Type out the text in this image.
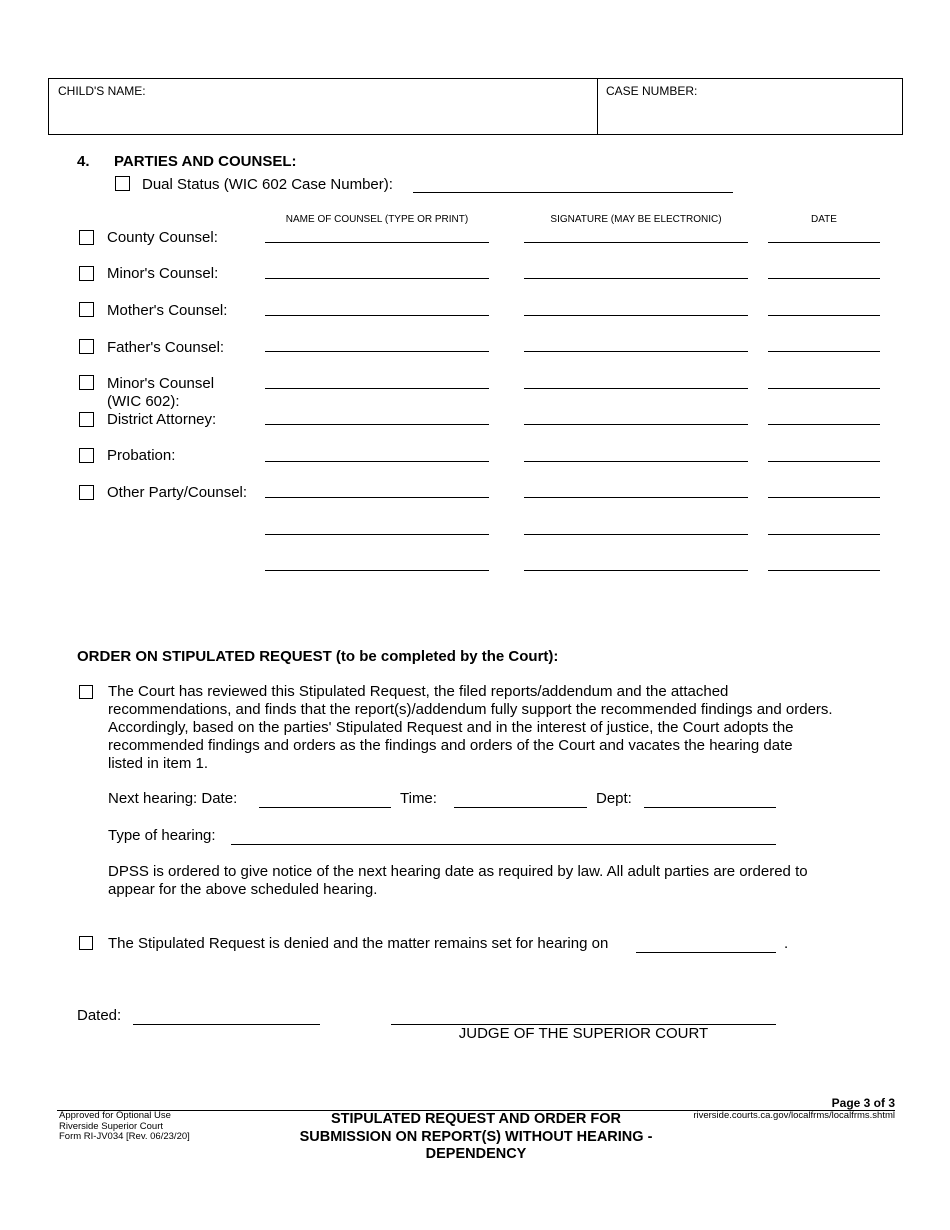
CHILD'S NAME:	CASE NUMBER:
4. PARTIES AND COUNSEL:
Dual Status (WIC 602 Case Number):
NAME OF COUNSEL (TYPE OR PRINT)	SIGNATURE (MAY BE ELECTRONIC)	DATE
County Counsel:
Minor's Counsel:
Mother's Counsel:
Father's Counsel:
Minor's Counsel
(WIC 602):
District Attorney:
Probation:
Other Party/Counsel:
ORDER ON STIPULATED REQUEST (to be completed by the Court):
The Court has reviewed this Stipulated Request, the filed reports/addendum and the attached
recommendations, and finds that the report(s)/addendum fully support the recommended findings and orders.
Accordingly, based on the parties' Stipulated Request and in the interest of justice, the Court adopts the
recommended findings and orders as the findings and orders of the Court and vacates the hearing date
listed in item 1.
Next hearing: Date:	Time:	Dept:
Type of hearing:
DPSS is ordered to give notice of the next hearing date as required by law. All adult parties are ordered to
appear for the above scheduled hearing.
The Stipulated Request is denied and the matter remains set for hearing on	.
Dated:
JUDGE OF THE SUPERIOR COURT
Page 3 of 3
Approved for Optional Use
Riverside Superior Court
Form RI-JV034 [Rev. 06/23/20]
STIPULATED REQUEST AND ORDER FOR
SUBMISSION ON REPORT(S) WITHOUT HEARING -
DEPENDENCY
riverside.courts.ca.gov/localfrms/localfrms.shtml
